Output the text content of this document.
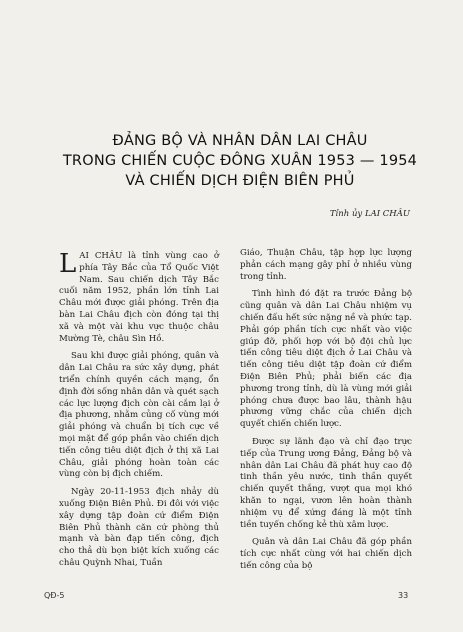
ĐẢNG BỘ VÀ NHÂN DÂN LAI CHÂU
TRONG CHIẾN CUỘC ĐÔNG XUÂN 1953 — 1954
VÀ CHIẾN DỊCH ĐIỆN BIÊN PHỦ
Tỉnh ủy LAI CHÂU

LAI CHÂU là tỉnh vùng cao ở phía Tây Bắc của Tổ Quốc Việt Nam. Sau chiến dịch Tây Bắc cuối năm 1952, phần lớn tỉnh Lai Châu mới được giải phóng. Trên địa bàn Lai Châu địch còn đóng tại thị xã và một vài khu vực thuộc châu Mường Tè, châu Sìn Hồ.

Sau khi được giải phóng, quân và dân Lai Châu ra sức xây dựng, phát triển chính quyền cách mạng, ổn định đời sống nhân dân và quét sạch các lực lượng địch còn cài cắm lại ở địa phương, nhằm củng cố vùng mới giải phóng và chuẩn bị tích cực về mọi mặt để góp phần vào chiến dịch tiến công tiêu diệt địch ở thị xã Lai Châu, giải phóng hoàn toàn các vùng còn bị địch chiếm.

Ngày 20-11-1953 địch nhảy dù xuống Điện Biên Phủ. Đi đôi với việc xây dựng tập đoàn cứ điểm Điện Biên Phủ thành căn cứ phòng thủ mạnh và bàn đạp tiến công, địch cho thả dù bọn biệt kích xuống các châu Quỳnh Nhai, Tuần

Giáo, Thuận Châu, tập hợp lực lượng phản cách mạng gây phỉ ở nhiều vùng trong tỉnh.

Tình hình đó đặt ra trước Đảng bộ cũng quân và dân Lai Châu nhiệm vụ chiến đấu hết sức nặng nề và phức tạp. Phải góp phần tích cực nhất vào việc giúp đỡ, phối hợp với bộ đội chủ lực tiến công tiêu diệt địch ở Lai Châu và tiến công tiêu diệt tập đoàn cứ điểm Điện Biên Phủ; phải biến các địa phương trong tỉnh, dù là vùng mới giải phóng chưa được bao lâu, thành hậu phương vững chắc của chiến dịch quyết chiến chiến lược.

Được sự lãnh đạo và chỉ đạo trực tiếp của Trung ương Đảng, Đảng bộ và nhân dân Lai Châu đã phát huy cao độ tinh thần yêu nước, tinh thần quyết chiến quyết thắng, vượt qua mọi khó khăn to ngại, vươn lên hoàn thành nhiệm vụ để xứng đáng là một tỉnh tiền tuyến chống kẻ thù xâm lược.

Quân và dân Lai Châu đã góp phần tích cực nhất cùng với hai chiến dịch tiến công của bộ

QĐ-5	33
